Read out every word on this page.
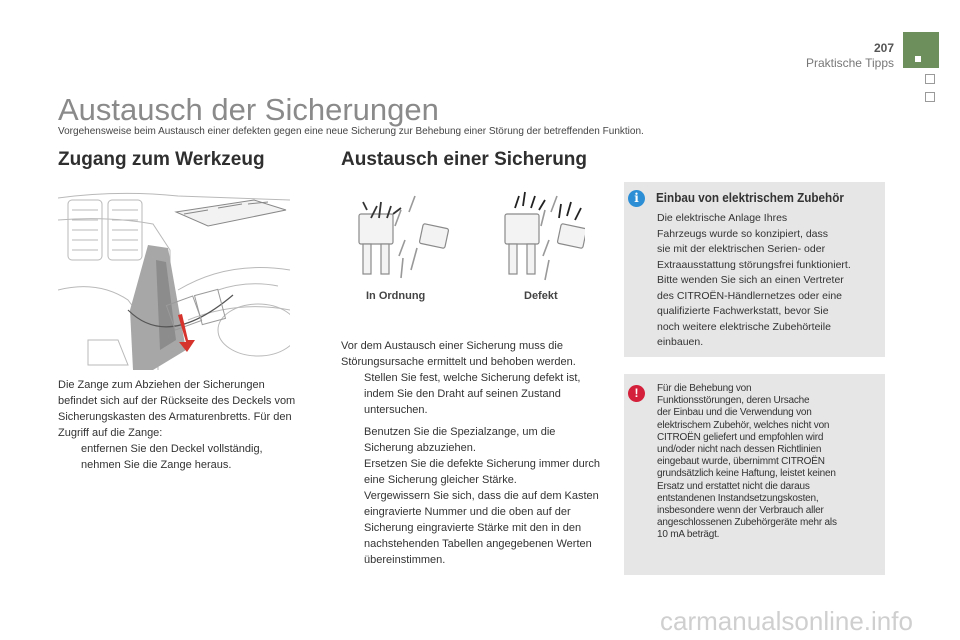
207
Praktische Tipps
Austausch der Sicherungen
Vorgehensweise beim Austausch einer defekten gegen eine neue Sicherung zur Behebung einer Störung der betreffenden Funktion.
Zugang zum Werkzeug	Austausch einer Sicherung
In Ordnung	Defekt
Die Zange zum Abziehen der Sicherungen befindet sich auf der Rückseite des Deckels vom Sicherungskasten des Armaturenbretts. Für den Zugriff auf die Zange:
entfernen Sie den Deckel vollständig,
nehmen Sie die Zange heraus.
Vor dem Austausch einer Sicherung muss die Störungsursache ermittelt und behoben werden.
Stellen Sie fest, welche Sicherung defekt ist, indem Sie den Draht auf seinen Zustand untersuchen.
Benutzen Sie die Spezialzange, um die Sicherung abzuziehen.
Ersetzen Sie die defekte Sicherung immer durch eine Sicherung gleicher Stärke.
Vergewissern Sie sich, dass die auf dem Kasten eingravierte Nummer und die oben auf der Sicherung eingravierte Stärke mit den in den nachstehenden Tabellen angegebenen Werten übereinstimmen.
i	Einbau von elektrischem Zubehör
Die elektrische Anlage Ihres
Fahrzeugs wurde so konzipiert, dass
sie mit der elektrischen Serien- oder
Extraausstattung störungsfrei funktioniert.
Bitte wenden Sie sich an einen Vertreter
des CITROËN-Händlernetzes oder eine
qualifizierte Fachwerkstatt, bevor Sie
noch weitere elektrische Zubehörteile
einbauen.
!	Für die Behebung von
Funktionsstörungen, deren Ursache
der Einbau und die Verwendung von
elektrischem Zubehör, welches nicht von
CITROËN geliefert und empfohlen wird
und/oder nicht nach dessen Richtlinien
eingebaut wurde, übernimmt CITROËN
grundsätzlich keine Haftung, leistet keinen
Ersatz und erstattet nicht die daraus
entstandenen Instandsetzungskosten,
insbesondere wenn der Verbrauch aller
angeschlossenen Zubehörgeräte mehr als
10 mA beträgt.
carmanualsonline.info
